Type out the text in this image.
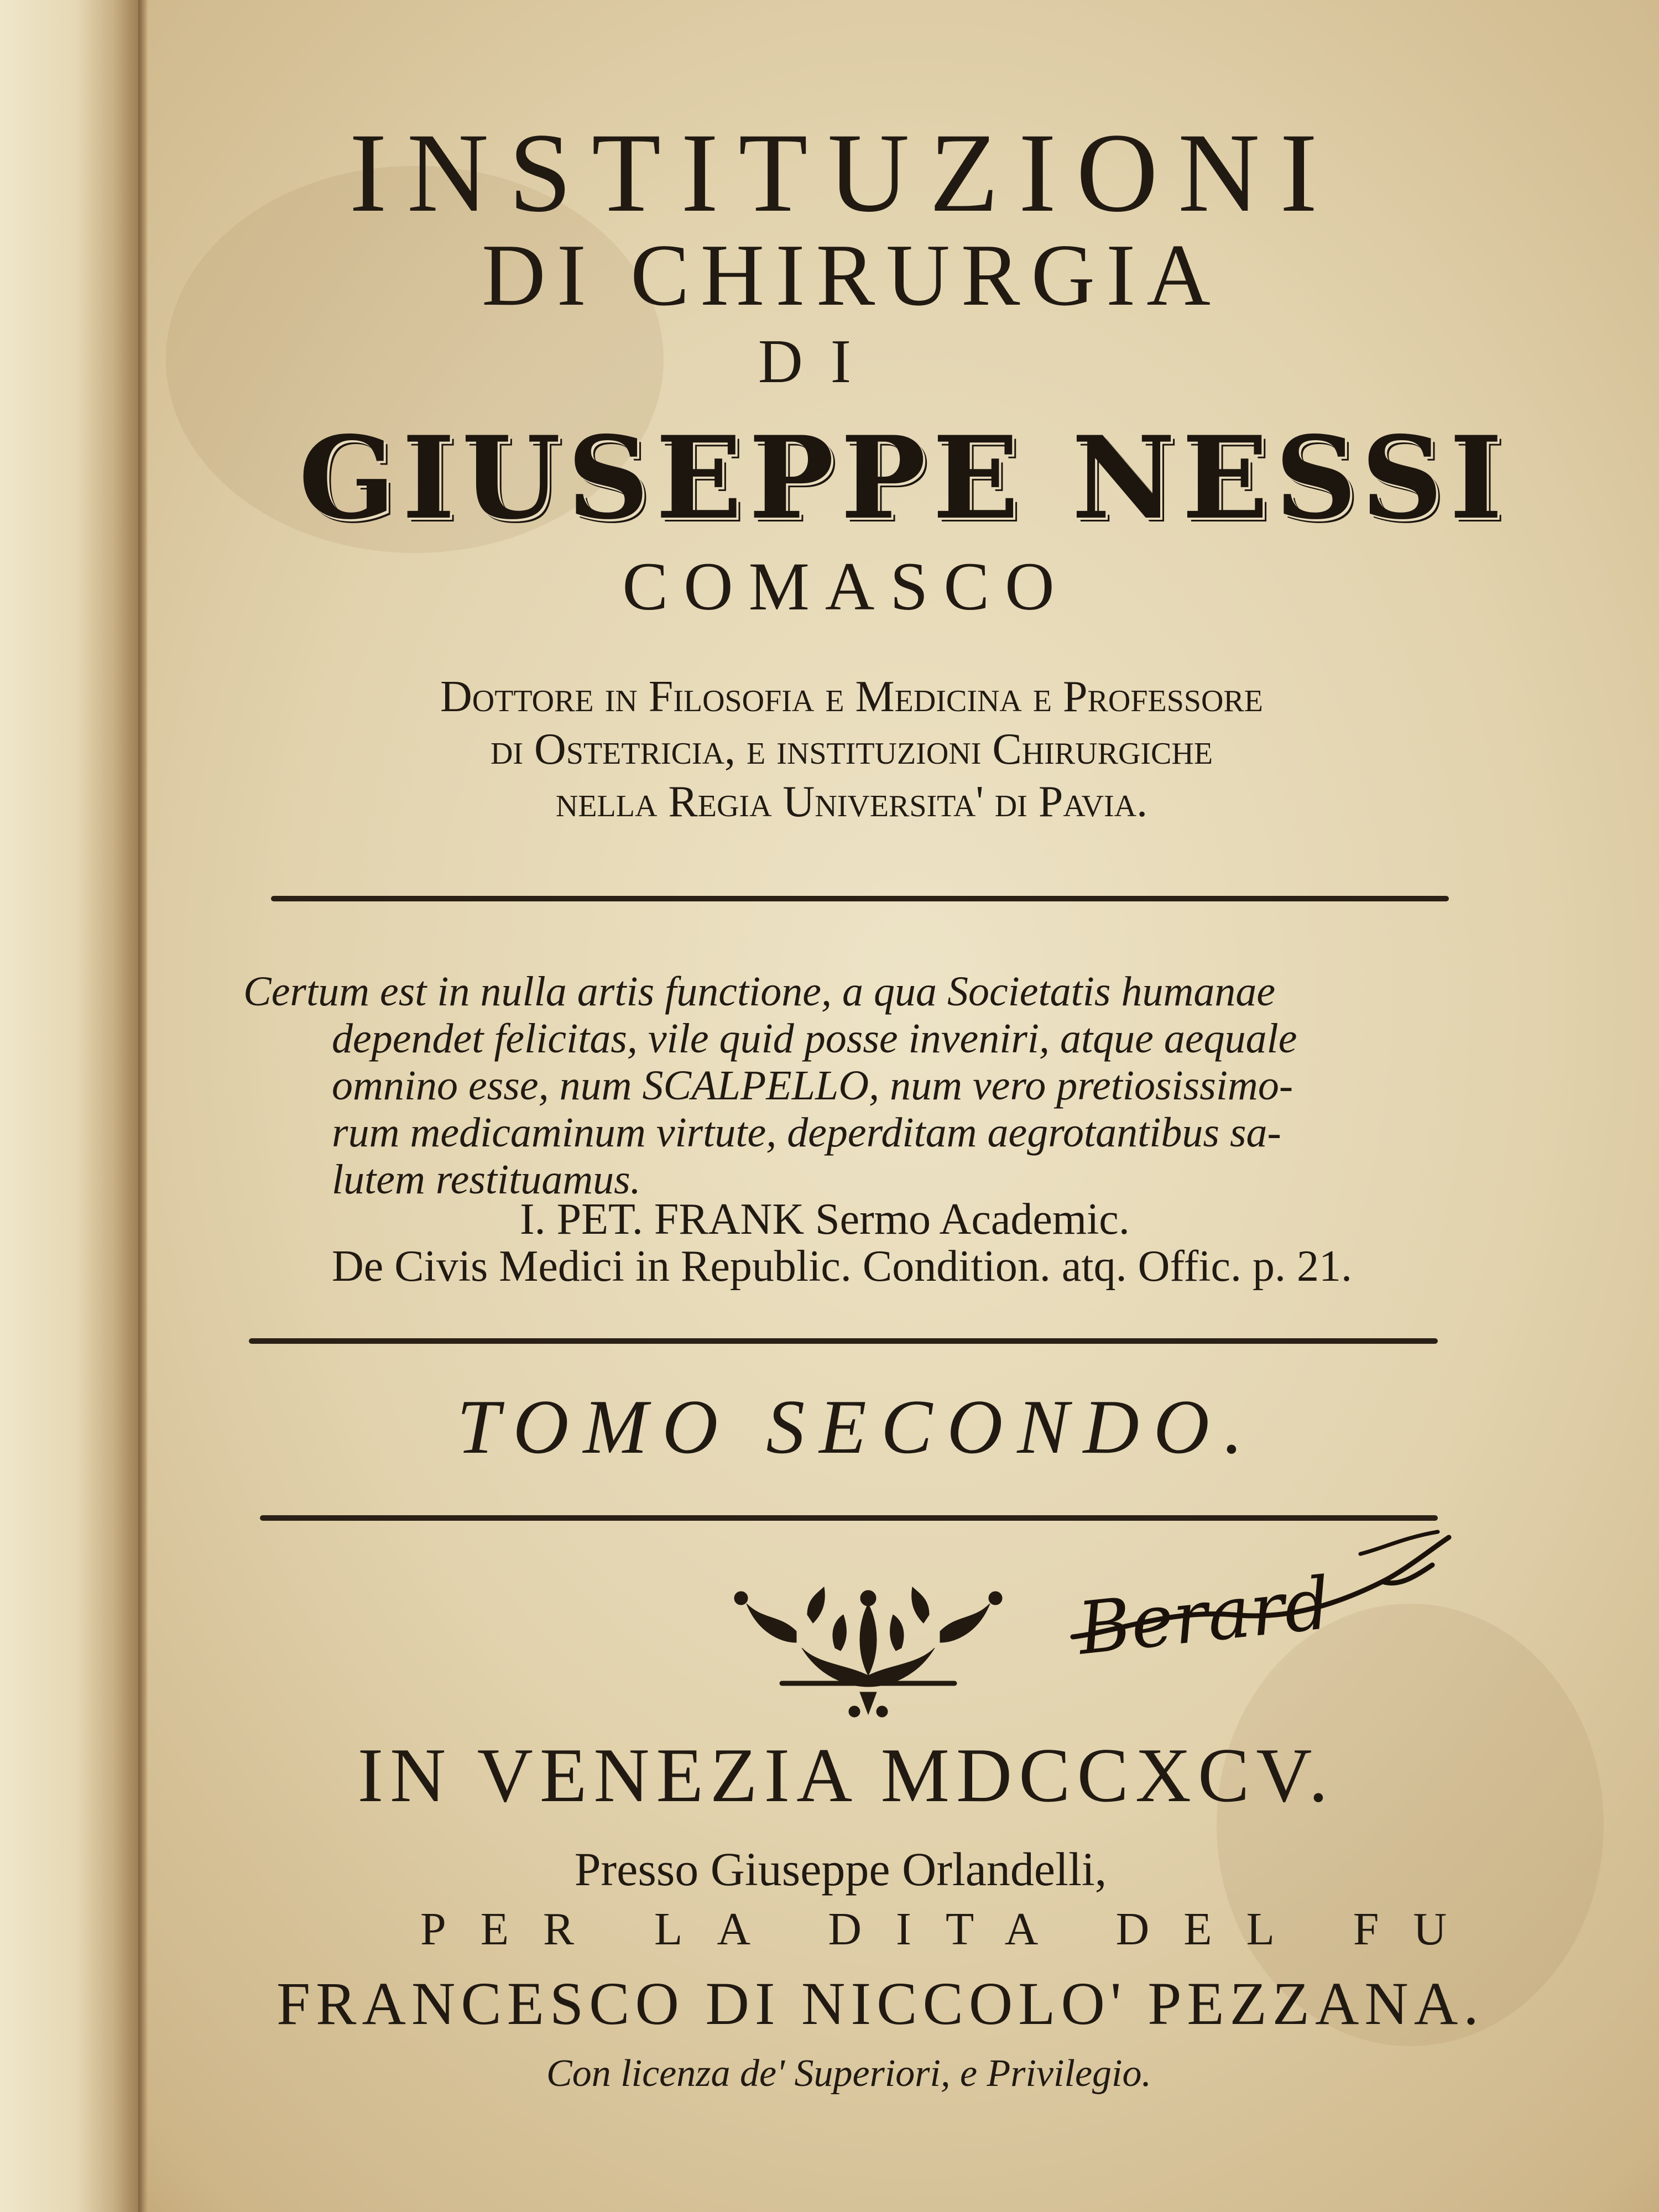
INSTITUZIONI
DI CHIRURGIA
DI
GIUSEPPE NESSI
COMASCO
Dottore in Filosofia e Medicina e Professore
di Ostetricia, e instituzioni Chirurgiche
nella Regia Universita' di Pavia.
Certum est in nulla artis functione, a qua Societatis humanae
dependet felicitas, vile quid posse inveniri, atque aequale
omnino esse, num SCALPELLO, num vero pretiosissimo-
rum medicaminum virtute, deperditam aegrotantibus sa-
lutem restituamus.
I. PET. FRANK Sermo Academic.
De Civis Medici in Republic. Condition. atq. Offic. p. 21.
TOMO SECONDO.
Berard
IN VENEZIA MDCCXCV.
Presso Giuseppe Orlandelli,
PER LA DITA DEL FU
FRANCESCO DI NICCOLO' PEZZANA.
Con licenza de' Superiori, e Privilegio.
